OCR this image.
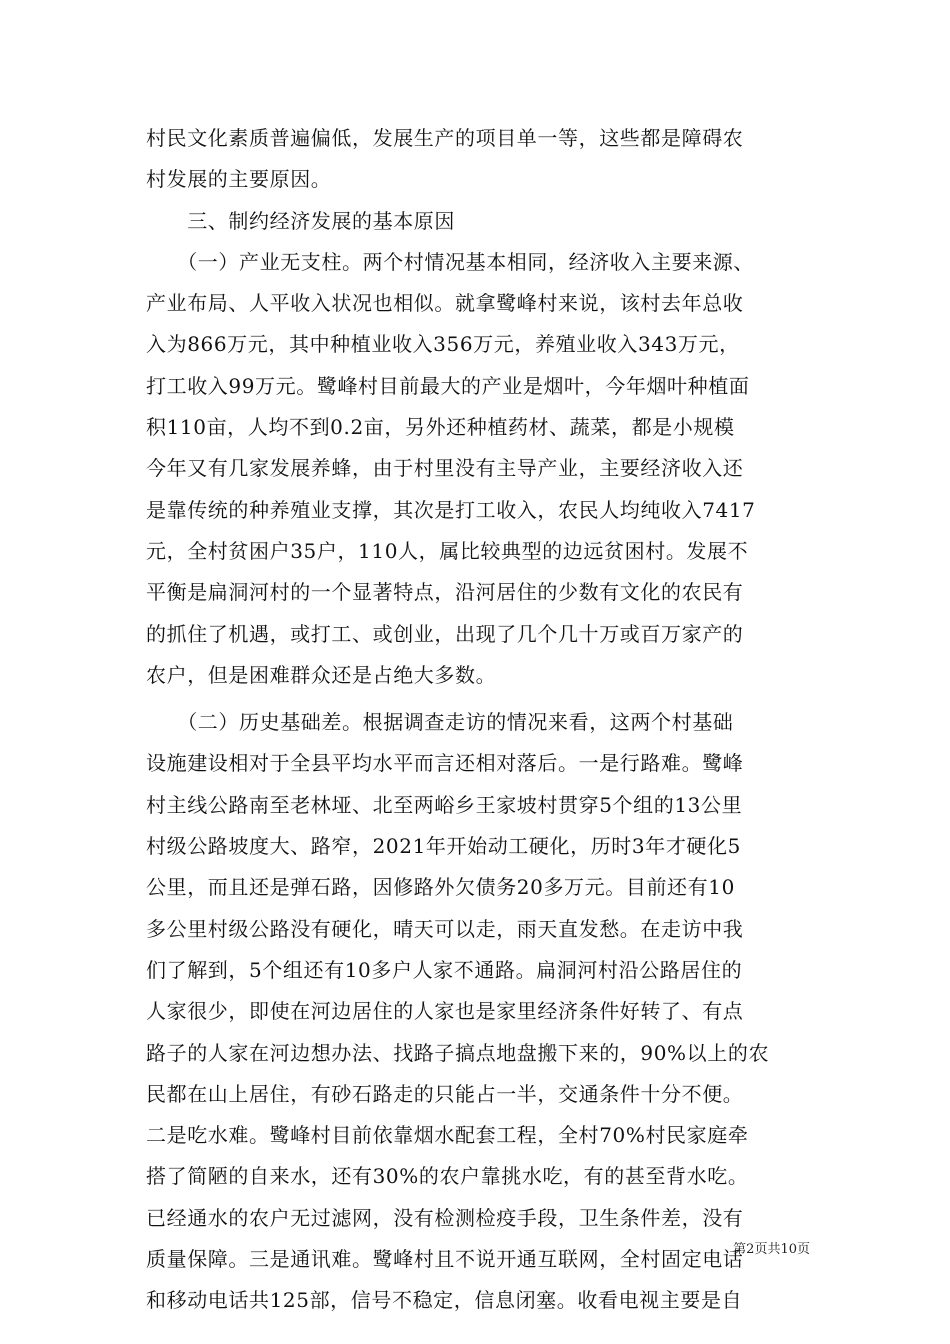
村民文化素质普遍偏低，发展生产的项目单一等，这些都是障碍农
村发展的主要原因。
　　三、制约经济发展的基本原因
　　（一）产业无支柱。两个村情况基本相同，经济收入主要来源、
产业布局、人平收入状况也相似。就拿鹭峰村来说，该村去年总收
入为866万元，其中种植业收入356万元，养殖业收入343万元，
打工收入99万元。鹭峰村目前最大的产业是烟叶，今年烟叶种植面
积110亩，人均不到0.2亩，另外还种植药材、蔬菜，都是小规模
今年又有几家发展养蜂，由于村里没有主导产业，主要经济收入还
是靠传统的种养殖业支撑，其次是打工收入，农民人均纯收入7417
元，全村贫困户35户，110人，属比较典型的边远贫困村。发展不
平衡是扁洞河村的一个显著特点，沿河居住的少数有文化的农民有
的抓住了机遇，或打工、或创业，出现了几个几十万或百万家产的
农户，但是困难群众还是占绝大多数。
　　（二）历史基础差。根据调查走访的情况来看，这两个村基础
设施建设相对于全县平均水平而言还相对落后。一是行路难。鹭峰
村主线公路南至老林垭、北至两峪乡王家坡村贯穿5个组的13公里
村级公路坡度大、路窄，2021年开始动工硬化，历时3年才硬化5
公里，而且还是弹石路，因修路外欠债务20多万元。目前还有10
多公里村级公路没有硬化，晴天可以走，雨天直发愁。在走访中我
们了解到，5个组还有10多户人家不通路。扁洞河村沿公路居住的
人家很少，即使在河边居住的人家也是家里经济条件好转了、有点
路子的人家在河边想办法、找路子搞点地盘搬下来的，90%以上的农
民都在山上居住，有砂石路走的只能占一半，交通条件十分不便。
二是吃水难。鹭峰村目前依靠烟水配套工程，全村70%村民家庭牵
搭了简陋的自来水，还有30%的农户靠挑水吃，有的甚至背水吃。
已经通水的农户无过滤网，没有检测检疫手段，卫生条件差，没有
质量保障。三是通讯难。鹭峰村且不说开通互联网，全村固定电话
和移动电话共125部，信号不稳定，信息闭塞。收看电视主要是自
第2页共10页
